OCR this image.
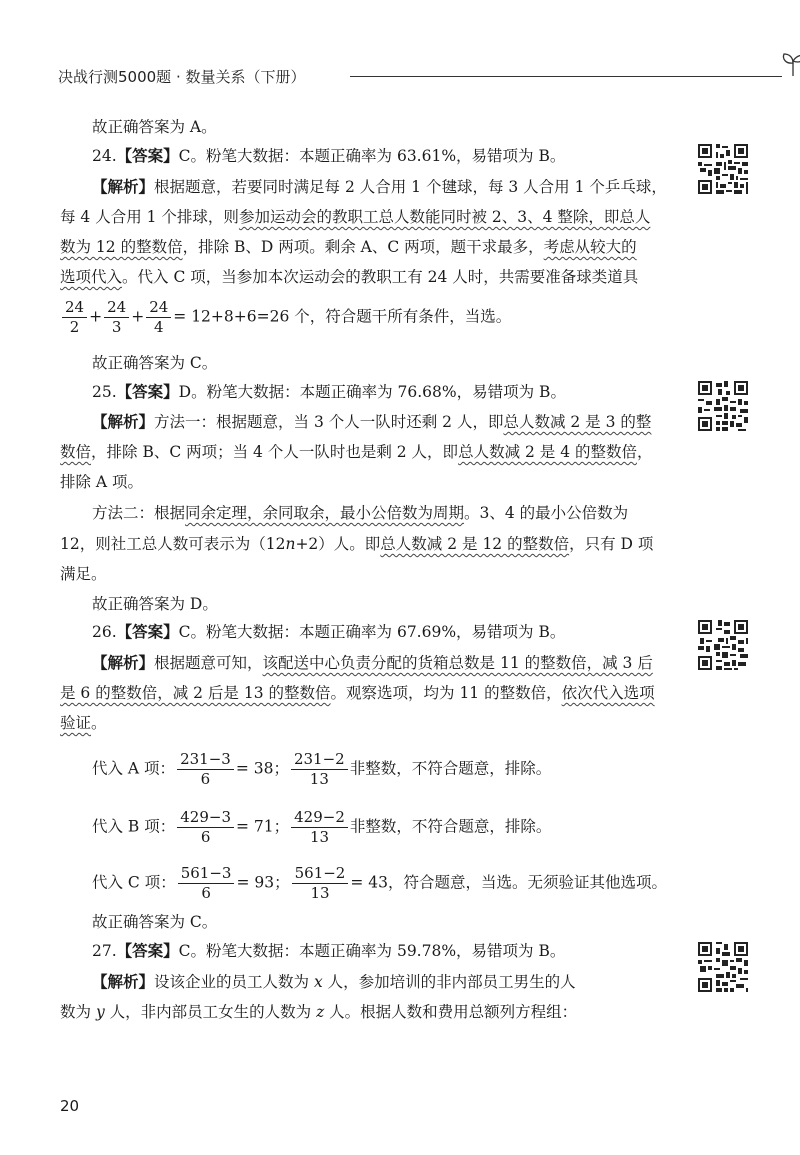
决战行测5000题 · 数量关系（下册）
故正确答案为 A。
24.【答案】C。粉笔大数据：本题正确率为 63.61%，易错项为 B。
【解析】根据题意，若要同时满足每 2 人合用 1 个毽球，每 3 人合用 1 个乒乓球，
每 4 人合用 1 个排球，则参加运动会的教职工总人数能同时被 2、3、4 整除，即总人
数为 12 的整数倍，排除 B、D 两项。剩余 A、C 两项，题干求最多，考虑从较大的
选项代入。代入 C 项，当参加本次运动会的教职工有 24 人时，共需要准备球类道具
$\frac{24}{2} + \frac{24}{3} + \frac{24}{4} = 12+8+6=26$ 个，符合题干所有条件，当选。
故正确答案为 C。
25.【答案】D。粉笔大数据：本题正确率为 76.68%，易错项为 B。
【解析】方法一：根据题意，当 3 个人一队时还剩 2 人，即总人数减 2 是 3 的整
数倍，排除 B、C 两项；当 4 个人一队时也是剩 2 人，即总人数减 2 是 4 的整数倍，
排除 A 项。
方法二：根据同余定理，余同取余，最小公倍数为周期。3、4 的最小公倍数为
12，则社工总人数可表示为（12n+2）人。即总人数减 2 是 12 的整数倍，只有 D 项
满足。
故正确答案为 D。
26.【答案】C。粉笔大数据：本题正确率为 67.69%，易错项为 B。
【解析】根据题意可知，该配送中心负责分配的货箱总数是 11 的整数倍，减 3 后
是 6 的整数倍，减 2 后是 13 的整数倍。观察选项，均为 11 的整数倍，依次代入选项
验证。
代入 A 项： $\frac{231-3}{6} = 38$； $\frac{231-2}{13}$ 非整数，不符合题意，排除。
代入 B 项： $\frac{429-3}{6} = 71$； $\frac{429-2}{13}$ 非整数，不符合题意，排除。
代入 C 项： $\frac{561-3}{6} = 93$； $\frac{561-2}{13} = 43$，符合题意，当选。无须验证其他选项。
故正确答案为 C。
27.【答案】C。粉笔大数据：本题正确率为 59.78%，易错项为 B。
【解析】设该企业的员工人数为 x 人，参加培训的非内部员工男生的人
数为 y 人，非内部员工女生的人数为 z 人。根据人数和费用总额列方程组：
20
